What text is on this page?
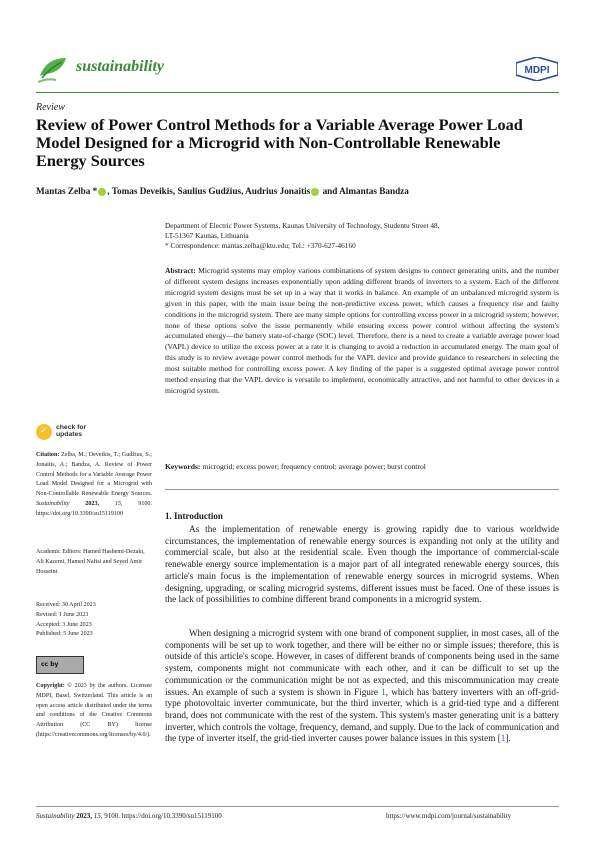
sustainability	MDPI
Review
Review of Power Control Methods for a Variable Average Power Load Model Designed for a Microgrid with Non-Controllable Renewable Energy Sources
Mantas Zelba * , Tomas Deveikis, Saulius Gudžius, Audrius Jonaitis and Almantas Bandza
Department of Electric Power Systems, Kaunas University of Technology, Studentu Street 48,
LT-51367 Kaunas, Lithuania
* Correspondence: mantas.zelba@ktu.edu; Tel.: +370-627-46160

Abstract: Microgrid systems may employ various combinations of system designs to connect generating units, and the number of different system designs increases exponentially upon adding different brands of inverters to a system. Each of the different microgrid system designs must be set up in a way that it works in balance. An example of an unbalanced microgrid system is given in this paper, with the main issue being the non-predictive excess power, which causes a frequency rise and faulty conditions in the microgrid system. There are many simple options for controlling excess power in a microgrid system; however, none of these options solve the issue permanently while ensuring excess power control without affecting the system's accumulated energy—the battery state-of-charge (SOC) level. Therefore, there is a need to create a variable average power load (VAPL) device to utilize the excess power at a rate it is changing to avoid a reduction in accumulated energy. The main goal of this study is to review average power control methods for the VAPL device and provide guidance to researchers in selecting the most suitable method for controlling excess power. A key finding of the paper is a suggested optimal average power control method ensuring that the VAPL device is versatile to implement, economically attractive, and not harmful to other devices in a microgrid system.

Keywords: microgrid; excess power; frequency control; average power; burst control
1. Introduction

As the implementation of renewable energy is growing rapidly due to various worldwide circumstances, the implementation of renewable energy sources is expanding not only at the utility and commercial scale, but also at the residential scale. Even though the importance of commercial-scale renewable energy source implementation is a major part of all integrated renewable energy sources, this article's main focus is the implementation of renewable energy sources in microgrid systems. When designing, upgrading, or scaling microgrid systems, different issues must be faced. One of these issues is the lack of possibilities to combine different brand components in a microgrid system.

When designing a microgrid system with one brand of component supplier, in most cases, all of the components will be set up to work together, and there will be either no or simple issues; therefore, this is outside of this article's scope. However, in cases of different brands of components being used in the same system, components might not communicate with each other, and it can be difficult to set up the communication or the communication might be not as expected, and this miscommunication may create issues. An example of such a system is shown in Figure 1, which has battery inverters with an off-grid-type photovoltaic inverter communicate, but the third inverter, which is a grid-tied type and a different brand, does not communicate with the rest of the system. This system's master generating unit is a battery inverter, which controls the voltage, frequency, demand, and supply. Due to the lack of communication and the type of inverter itself, the grid-tied inverter causes power balance issues in this system [1].

✓ check for
updates
Citation: Zelba, M.; Deveikis, T.; Gudžius, S.; Jonaitis, A.; Bandza, A. Review of Power Control Methods for a Variable Average Power Load Model Designed for a Microgrid with Non-Controllable Renewable Energy Sources. Sustainability 2023, 15, 9100. https://doi.org/10.3390/su15119100
Academic Editors: Hamed Hashemi-Dezaki, Ali Kazemi, Hamed Nafisi and Seyed Amir Hosseini
Received: 30 April 2023
Revised: 1 June 2023
Accepted: 3 June 2023
Published: 5 June 2023
cc by
Copyright: © 2023 by the authors. Licensee MDPI, Basel, Switzerland. This article is an open access article distributed under the terms and conditions of the Creative Commons Attribution (CC BY) license (https://creativecommons.org/licenses/by/4.0/).
Sustainability 2023, 15, 9100. https://doi.org/10.3390/su15119100	https://www.mdpi.com/journal/sustainability
